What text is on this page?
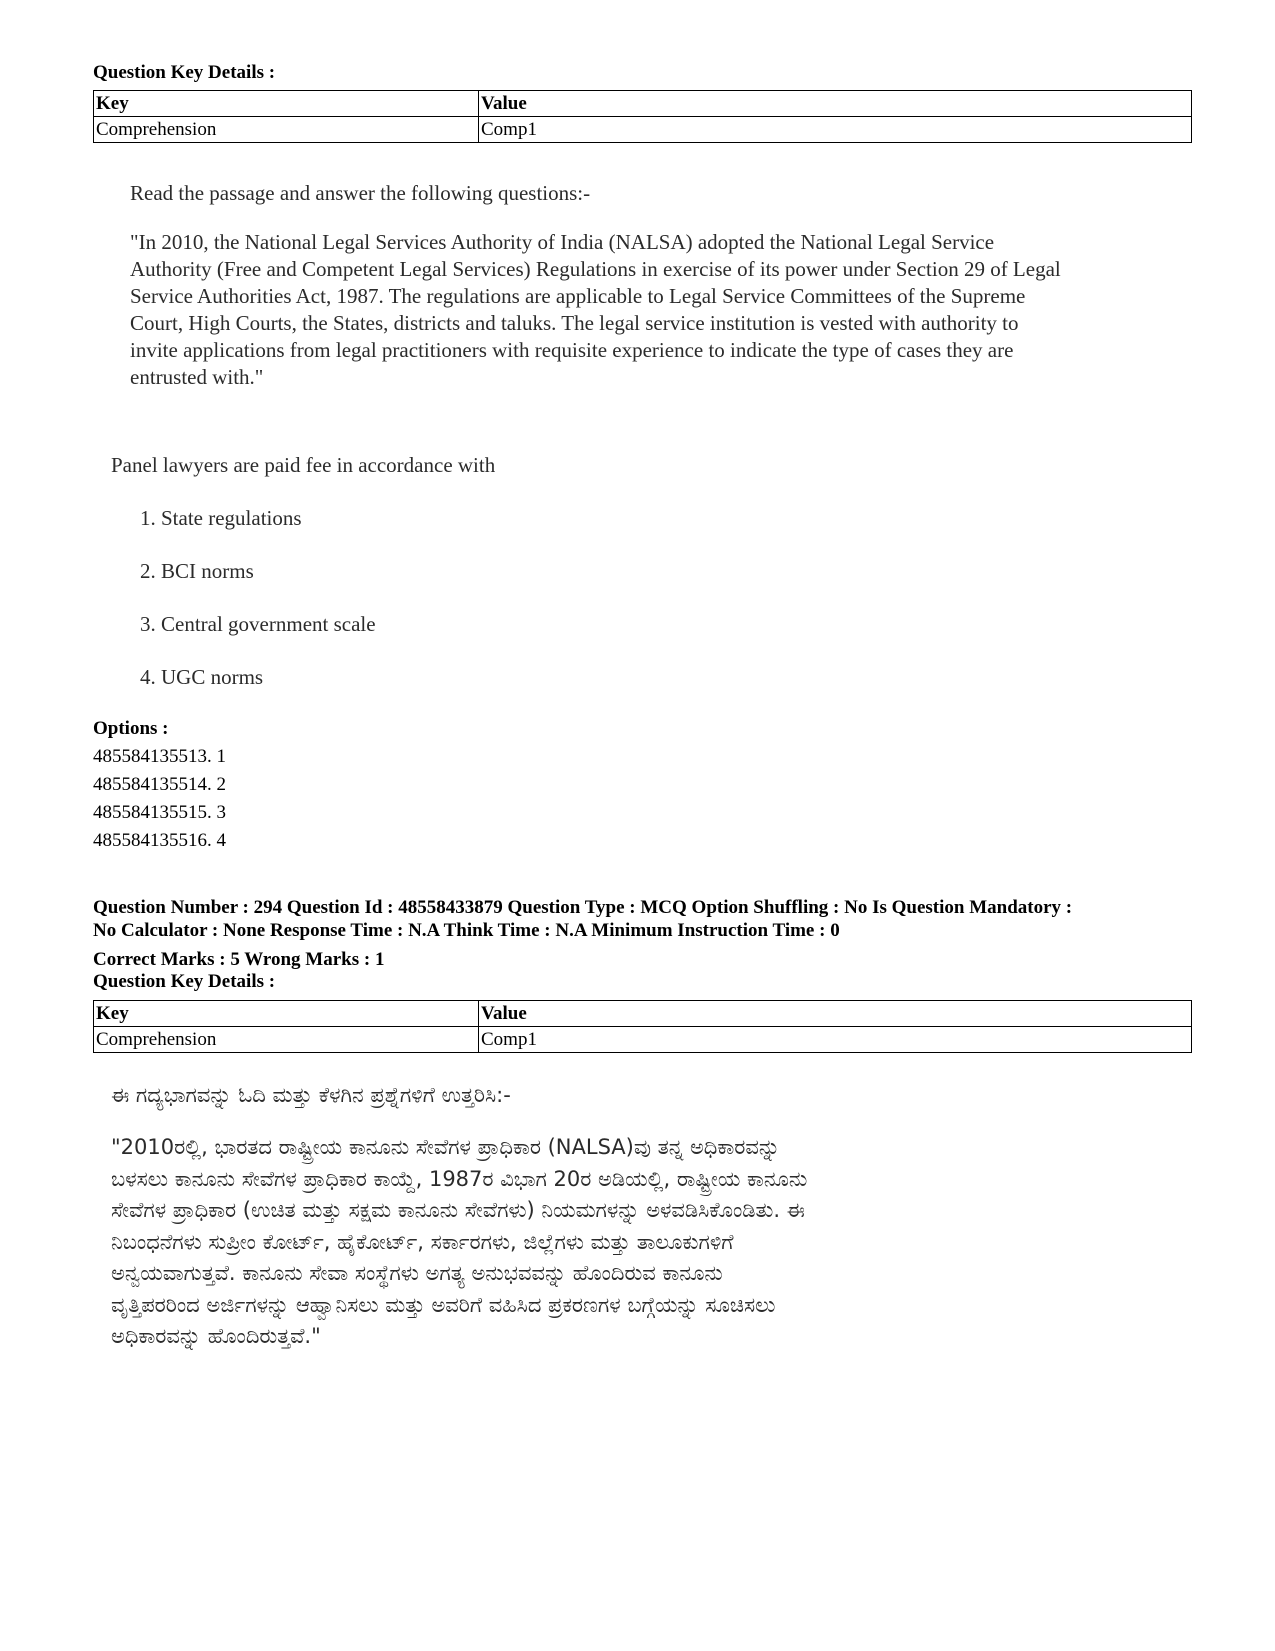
Question Key Details :
Key	Value
Comprehension	Comp1
Read the passage and answer the following questions:-
"In 2010, the National Legal Services Authority of India (NALSA) adopted the National Legal Service
Authority (Free and Competent Legal Services) Regulations in exercise of its power under Section 29 of Legal
Service Authorities Act, 1987. The regulations are applicable to Legal Service Committees of the Supreme
Court, High Courts, the States, districts and taluks. The legal service institution is vested with authority to
invite applications from legal practitioners with requisite experience to indicate the type of cases they are
entrusted with."
Panel lawyers are paid fee in accordance with
1. State regulations
2. BCI norms
3. Central government scale
4. UGC norms
Options :
485584135513. 1
485584135514. 2
485584135515. 3
485584135516. 4
Question Number : 294 Question Id : 48558433879 Question Type : MCQ Option Shuffling : No Is Question Mandatory :
No Calculator : None Response Time : N.A Think Time : N.A Minimum Instruction Time : 0
Correct Marks : 5 Wrong Marks : 1
Question Key Details :
Key	Value
Comprehension	Comp1
ಈ ಗದ್ಯಭಾಗವನ್ನು ಓದಿ ಮತ್ತು ಕೆಳಗಿನ ಪ್ರಶ್ನೆಗಳಿಗೆ ಉತ್ತರಿಸಿ:-
"2010ರಲ್ಲಿ, ಭಾರತದ ರಾಷ್ಟ್ರೀಯ ಕಾನೂನು ಸೇವೆಗಳ ಪ್ರಾಧಿಕಾರ (NALSA)ವು ತನ್ನ ಅಧಿಕಾರವನ್ನು
ಬಳಸಲು ಕಾನೂನು ಸೇವೆಗಳ ಪ್ರಾಧಿಕಾರ ಕಾಯ್ದೆ, 1987ರ ವಿಭಾಗ 20ರ ಅಡಿಯಲ್ಲಿ, ರಾಷ್ಟ್ರೀಯ ಕಾನೂನು
ಸೇವೆಗಳ ಪ್ರಾಧಿಕಾರ (ಉಚಿತ ಮತ್ತು ಸಕ್ಷಮ ಕಾನೂನು ಸೇವೆಗಳು) ನಿಯಮಗಳನ್ನು ಅಳವಡಿಸಿಕೊಂಡಿತು. ಈ
ನಿಬಂಧನೆಗಳು ಸುಪ್ರೀಂ ಕೋರ್ಟ್, ಹೈಕೋರ್ಟ್, ಸರ್ಕಾರಗಳು, ಜಿಲ್ಲೆಗಳು ಮತ್ತು ತಾಲೂಕುಗಳಿಗೆ
ಅನ್ವಯವಾಗುತ್ತವೆ. ಕಾನೂನು ಸೇವಾ ಸಂಸ್ಥೆಗಳು ಅಗತ್ಯ ಅನುಭವವನ್ನು ಹೊಂದಿರುವ ಕಾನೂನು
ವೃತ್ತಿಪರರಿಂದ ಅರ್ಜಿಗಳನ್ನು ಆಹ್ವಾನಿಸಲು ಮತ್ತು ಅವರಿಗೆ ವಹಿಸಿದ ಪ್ರಕರಣಗಳ ಬಗ್ಗೆಯನ್ನು ಸೂಚಿಸಲು
ಅಧಿಕಾರವನ್ನು ಹೊಂದಿರುತ್ತವೆ."
